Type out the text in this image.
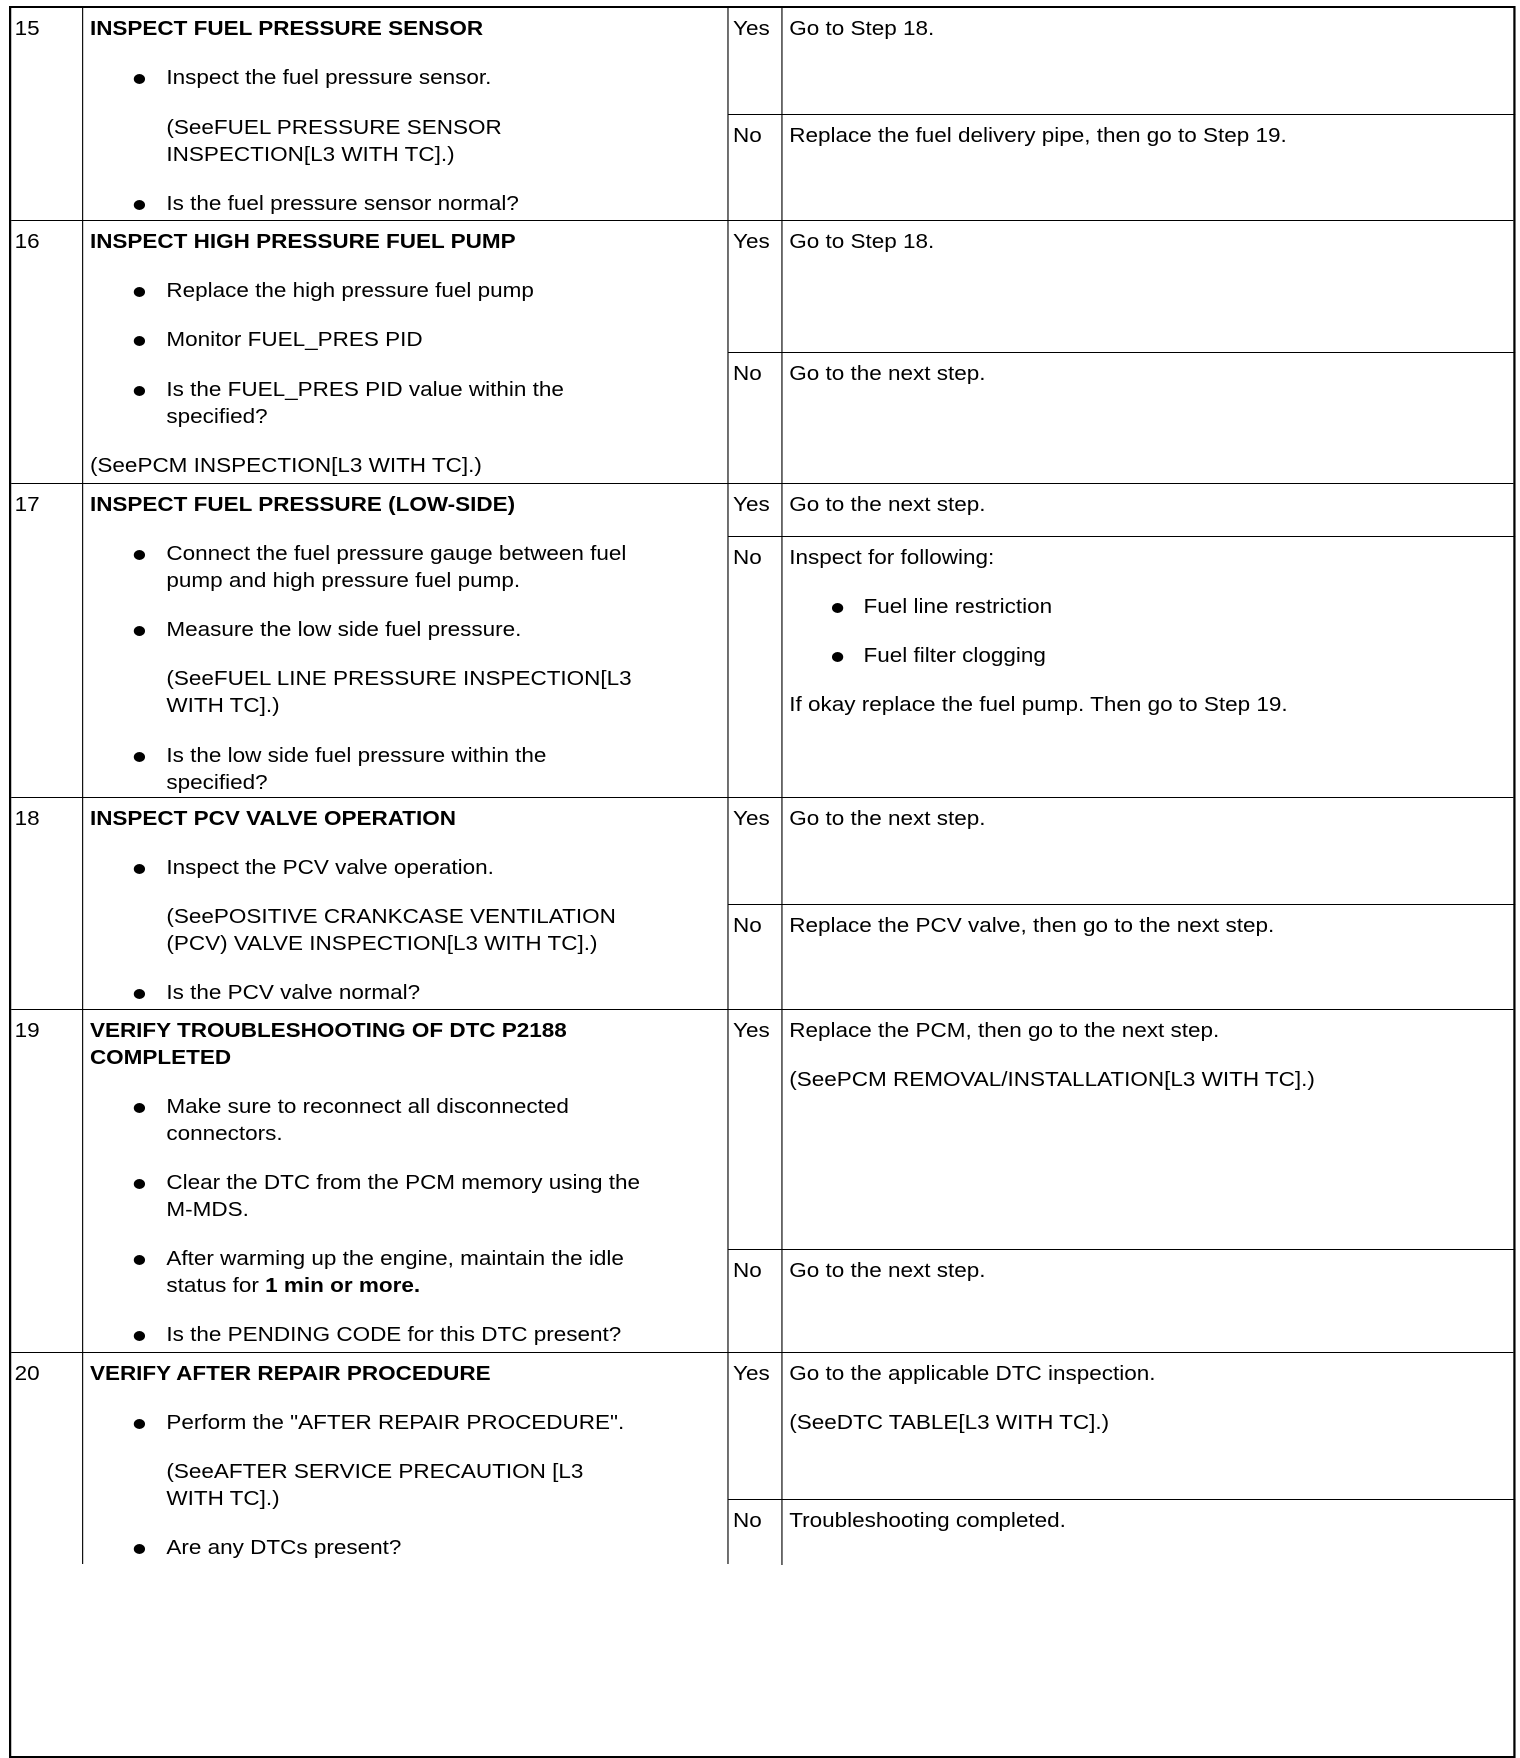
15	INSPECT FUEL PRESSURE SENSOR
Inspect the fuel pressure sensor.
(SeeFUEL PRESSURE SENSOR
INSPECTION[L3 WITH TC].)
Is the fuel pressure sensor normal?
Yes Go to Step 18.
No Replace the fuel delivery pipe, then go to Step 19.
16	INSPECT HIGH PRESSURE FUEL PUMP
Replace the high pressure fuel pump
Monitor FUEL_PRES PID
Is the FUEL_PRES PID value within the
specified?
(SeePCM INSPECTION[L3 WITH TC].)
Yes Go to Step 18.
No Go to the next step.
17	INSPECT FUEL PRESSURE (LOW-SIDE)
Connect the fuel pressure gauge between fuel
pump and high pressure fuel pump.
Measure the low side fuel pressure.
(SeeFUEL LINE PRESSURE INSPECTION[L3
WITH TC].)
Is the low side fuel pressure within the
specified?
Yes Go to the next step.
No Inspect for following:
Fuel line restriction
Fuel filter clogging
If okay replace the fuel pump. Then go to Step 19.
18	INSPECT PCV VALVE OPERATION
Inspect the PCV valve operation.
(SeePOSITIVE CRANKCASE VENTILATION
(PCV) VALVE INSPECTION[L3 WITH TC].)
Is the PCV valve normal?
Yes Go to the next step.
No Replace the PCV valve, then go to the next step.
19	VERIFY TROUBLESHOOTING OF DTC P2188
COMPLETED
Make sure to reconnect all disconnected
connectors.
Clear the DTC from the PCM memory using the
M-MDS.
After warming up the engine, maintain the idle
status for 1 min or more.
Is the PENDING CODE for this DTC present?
Yes Replace the PCM, then go to the next step.
(SeePCM REMOVAL/INSTALLATION[L3 WITH TC].)
No Go to the next step.
20	VERIFY AFTER REPAIR PROCEDURE
Perform the "AFTER REPAIR PROCEDURE".
(SeeAFTER SERVICE PRECAUTION [L3
WITH TC].)
Are any DTCs present?
Yes Go to the applicable DTC inspection.
(SeeDTC TABLE[L3 WITH TC].)
No Troubleshooting completed.
